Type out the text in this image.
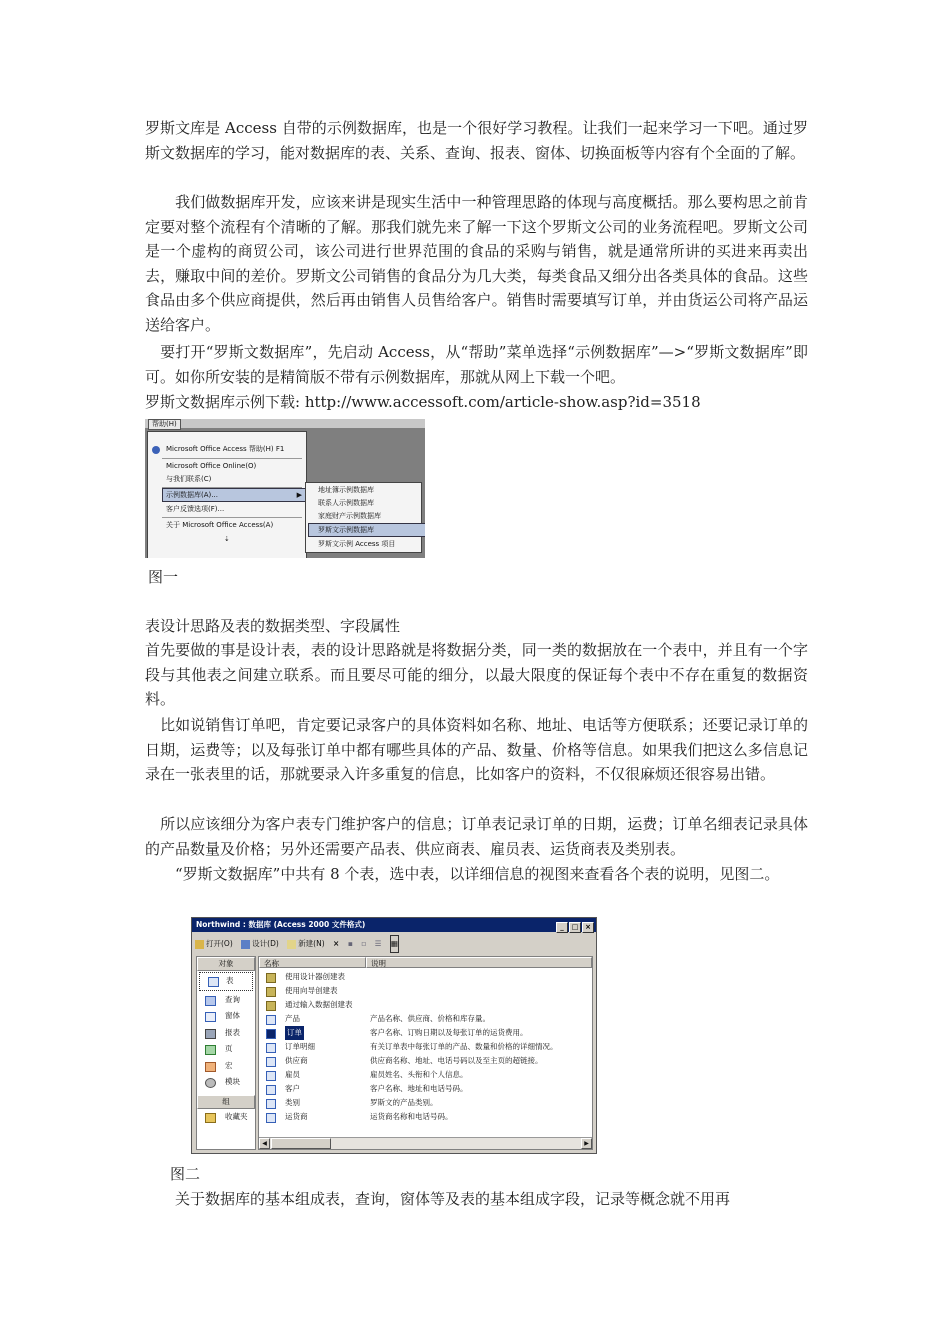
罗斯文库是 Access 自带的示例数据库，也是一个很好学习教程。让我们一起来学习一下吧。通过罗斯文数据库的学习，能对数据库的表、关系、查询、报表、窗体、切换面板等内容有个全面的了解。

　　我们做数据库开发，应该来讲是现实生活中一种管理思路的体现与高度概括。那么要构思之前肯定要对整个流程有个清晰的了解。那我们就先来了解一下这个罗斯文公司的业务流程吧。罗斯文公司是一个虚构的商贸公司，该公司进行世界范围的食品的采购与销售，就是通常所讲的买进来再卖出去，赚取中间的差价。罗斯文公司销售的食品分为几大类，每类食品又细分出各类具体的食品。这些食品由多个供应商提供，然后再由销售人员售给客户。销售时需要填写订单，并由货运公司将产品运送给客户。

　要打开“罗斯文数据库”，先启动 Access，从“帮助”菜单选择“示例数据库”—>“罗斯文数据库”即可。如你所安装的是精简版不带有示例数据库，那就从网上下载一个吧。

罗斯文数据库示例下载: http://www.accessoft.com/article-show.asp?id=3518

帮助(H)
Microsoft Office Access 帮助(H) F1
Microsoft Office Online(O)
与我们联系(C)
示例数据库(A)...	▶
客户反馈选项(F)...
关于 Microsoft Office Access(A)
⇣
地址簿示例数据库
联系人示例数据库
家庭财产示例数据库
罗斯文示例数据库
罗斯文示例 Access 项目

图一

表设计思路及表的数据类型、字段属性

首先要做的事是设计表，表的设计思路就是将数据分类，同一类的数据放在一个表中，并且有一个字段与其他表之间建立联系。而且要尽可能的细分，以最大限度的保证每个表中不存在重复的数据资料。

　比如说销售订单吧，肯定要记录客户的具体资料如名称、地址、电话等方便联系；还要记录订单的日期，运费等；以及每张订单中都有哪些具体的产品、数量、价格等信息。如果我们把这么多信息记录在一张表里的话，那就要录入许多重复的信息，比如客户的资料，不仅很麻烦还很容易出错。

　所以应该细分为客户表专门维护客户的信息；订单表记录订单的日期，运费；订单名细表记录具体的产品数量及价格；另外还需要产品表、供应商表、雇员表、运货商表及类别表。

　　“罗斯文数据库”中共有 8 个表，选中表，以详细信息的视图来查看各个表的说明，见图二。

Northwind : 数据库 (Access 2000 文件格式)	_ □ ×
打开(O)	设计(D)	新建(N) × ▪ ▫ ☰ ▦
对象
表
查询
窗体
报表
页
宏
模块
组
收藏夹
名称	说明
使用设计器创建表
使用向导创建表
通过输入数据创建表
产品	产品名称、供应商、价格和库存量。
订单	客户名称、订购日期以及每张订单的运货费用。
订单明细	有关订单表中每张订单的产品、数量和价格的详细情况。
供应商	供应商名称、地址、电话号码以及至主页的超链接。
雇员	雇员姓名、头衔和个人信息。
客户	客户名称、地址和电话号码。
类别	罗斯文的产品类别。
运货商	运货商名称和电话号码。
◀	▶

图二

　　关于数据库的基本组成表，查询，窗体等及表的基本组成字段，记录等概念就不用再
